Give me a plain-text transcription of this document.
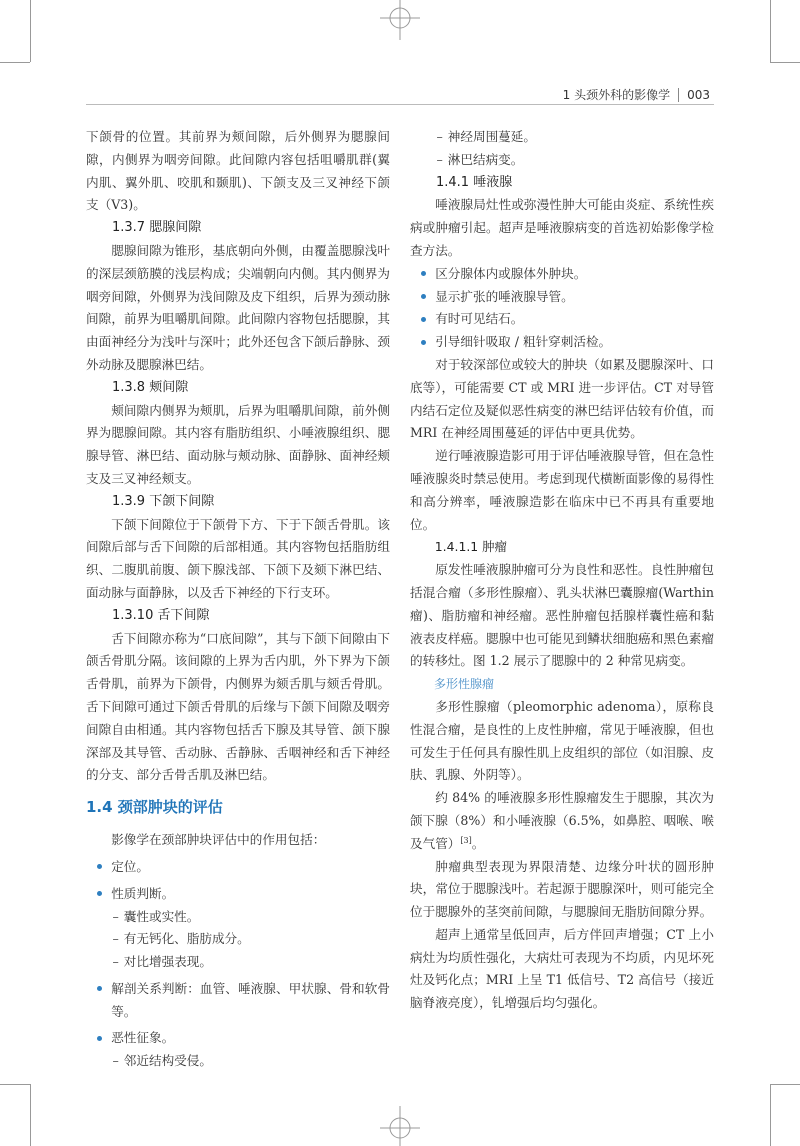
1 头颈外科的影像学 003

下颌骨的位置。其前界为颊间隙，后外侧界为腮腺间隙，内侧界为咽旁间隙。此间隙内容包括咀嚼肌群(翼内肌、翼外肌、咬肌和颞肌)、下颌支及三叉神经下颌支（V3)。

1.3.7 腮腺间隙

腮腺间隙为锥形，基底朝向外侧，由覆盖腮腺浅叶的深层颈筋膜的浅层构成；尖端朝向内侧。其内侧界为咽旁间隙，外侧界为浅间隙及皮下组织，后界为颈动脉间隙，前界为咀嚼肌间隙。此间隙内容物包括腮腺，其由面神经分为浅叶与深叶；此外还包含下颌后静脉、颈外动脉及腮腺淋巴结。

1.3.8 颊间隙

颊间隙内侧界为颊肌，后界为咀嚼肌间隙，前外侧界为腮腺间隙。其内容有脂肪组织、小唾液腺组织、腮腺导管、淋巴结、面动脉与颊动脉、面静脉、面神经颊支及三叉神经颊支。

1.3.9 下颌下间隙

下颌下间隙位于下颌骨下方、下于下颌舌骨肌。该间隙后部与舌下间隙的后部相通。其内容物包括脂肪组织、二腹肌前腹、颌下腺浅部、下颌下及颏下淋巴结、面动脉与面静脉，以及舌下神经的下行支环。

1.3.10 舌下间隙

舌下间隙亦称为“口底间隙”，其与下颌下间隙由下颌舌骨肌分隔。该间隙的上界为舌内肌，外下界为下颌舌骨肌，前界为下颌骨，内侧界为颏舌肌与颏舌骨肌。舌下间隙可通过下颌舌骨肌的后缘与下颌下间隙及咽旁间隙自由相通。其内容物包括舌下腺及其导管、颌下腺深部及其导管、舌动脉、舌静脉、舌咽神经和舌下神经的分支、部分舌骨舌肌及淋巴结。

1.4 颈部肿块的评估

影像学在颈部肿块评估中的作用包括：

定位。
性质判断。
– 囊性或实性。
– 有无钙化、脂肪成分。
– 对比增强表现。
解剖关系判断：血管、唾液腺、甲状腺、骨和软骨等。
恶性征象。
– 邻近结构受侵。
– 神经周围蔓延。
– 淋巴结病变。
1.4.1 唾液腺

唾液腺局灶性或弥漫性肿大可能由炎症、系统性疾病或肿瘤引起。超声是唾液腺病变的首选初始影像学检查方法。

区分腺体内或腺体外肿块。
显示扩张的唾液腺导管。
有时可见结石。
引导细针吸取 / 粗针穿刺活检。

对于较深部位或较大的肿块（如累及腮腺深叶、口底等），可能需要 CT 或 MRI 进一步评估。CT 对导管内结石定位及疑似恶性病变的淋巴结评估较有价值，而 MRI 在神经周围蔓延的评估中更具优势。

逆行唾液腺造影可用于评估唾液腺导管，但在急性唾液腺炎时禁忌使用。考虑到现代横断面影像的易得性和高分辨率，唾液腺造影在临床中已不再具有重要地位。

1.4.1.1 肿瘤

原发性唾液腺肿瘤可分为良性和恶性。良性肿瘤包括混合瘤（多形性腺瘤）、乳头状淋巴囊腺瘤(Warthin 瘤)、脂肪瘤和神经瘤。恶性肿瘤包括腺样囊性癌和黏液表皮样癌。腮腺中也可能见到鳞状细胞癌和黑色素瘤的转移灶。图 1.2 展示了腮腺中的 2 种常见病变。

多形性腺瘤

多形性腺瘤（pleomorphic adenoma），原称良性混合瘤，是良性的上皮性肿瘤，常见于唾液腺，但也可发生于任何具有腺性肌上皮组织的部位（如泪腺、皮肤、乳腺、外阴等）。

约 84% 的唾液腺多形性腺瘤发生于腮腺，其次为颌下腺（8%）和小唾液腺（6.5%，如鼻腔、咽喉、喉及气管）[3]。

肿瘤典型表现为界限清楚、边缘分叶状的圆形肿块，常位于腮腺浅叶。若起源于腮腺深叶，则可能完全位于腮腺外的茎突前间隙，与腮腺间无脂肪间隙分界。

超声上通常呈低回声，后方伴回声增强；CT 上小病灶为均质性强化，大病灶可表现为不均质，内见坏死灶及钙化点；MRI 上呈 T1 低信号、T2 高信号（接近脑脊液亮度），钆增强后均匀强化。
